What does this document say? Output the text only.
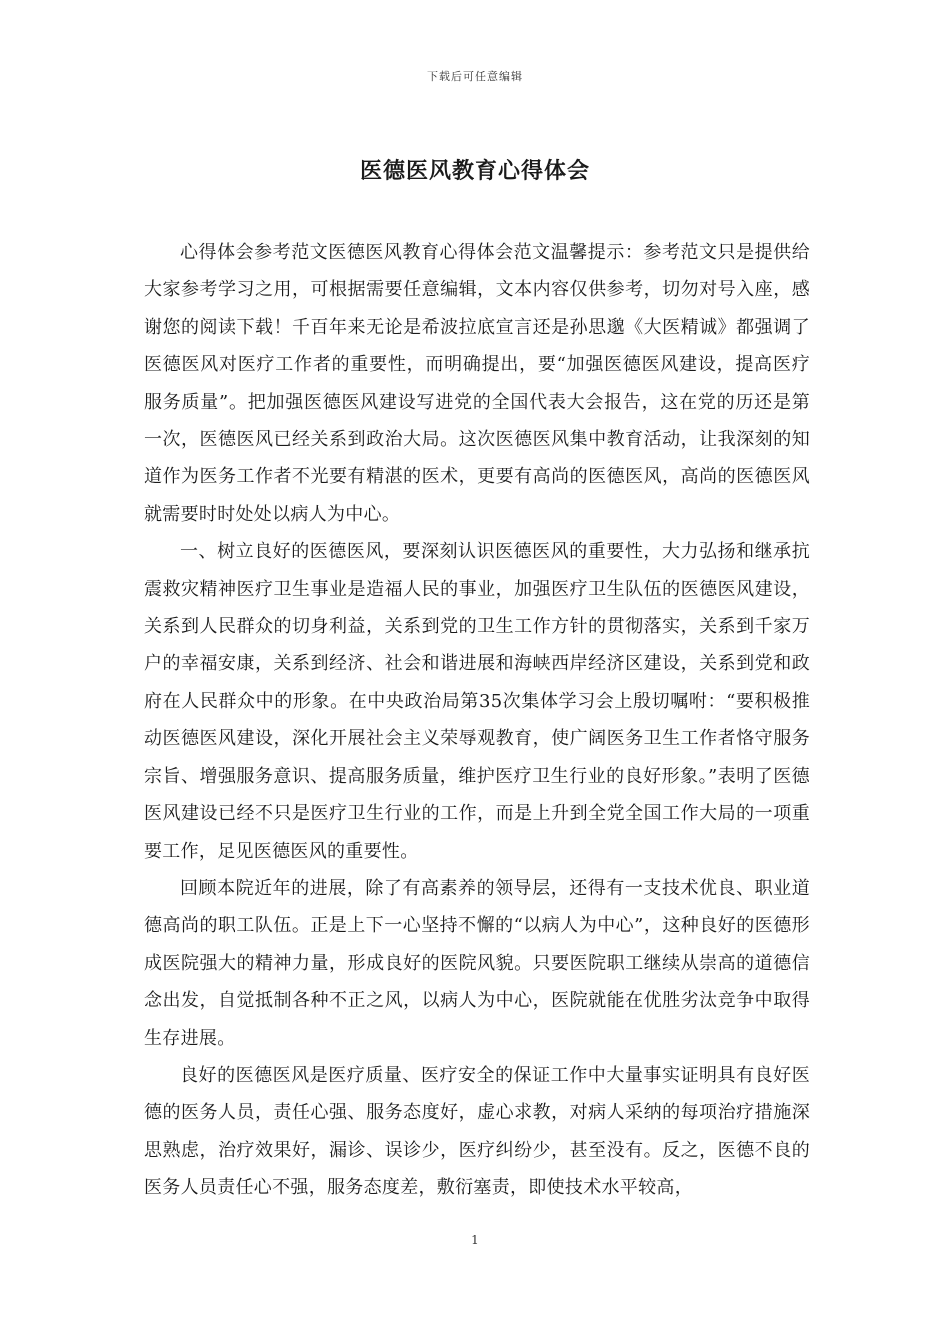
下载后可任意编辑
医德医风教育心得体会

心得体会参考范文医德医风教育心得体会范文温馨提示：参考范文只是提供给大家参考学习之用，可根据需要任意编辑，文本内容仅供参考，切勿对号入座，感谢您的阅读下载！千百年来无论是希波拉底宣言还是孙思邈《大医精诚》都强调了医德医风对医疗工作者的重要性，而明确提出，要“加强医德医风建设，提高医疗服务质量”。把加强医德医风建设写进党的全国代表大会报告，这在党的历还是第一次，医德医风已经关系到政治大局。这次医德医风集中教育活动，让我深刻的知道作为医务工作者不光要有精湛的医术，更要有高尚的医德医风，高尚的医德医风就需要时时处处以病人为中心。

一、树立良好的医德医风，要深刻认识医德医风的重要性，大力弘扬和继承抗震救灾精神医疗卫生事业是造福人民的事业，加强医疗卫生队伍的医德医风建设，关系到人民群众的切身利益，关系到党的卫生工作方针的贯彻落实，关系到千家万户的幸福安康，关系到经济、社会和谐进展和海峡西岸经济区建设，关系到党和政府在人民群众中的形象。在中央政治局第35次集体学习会上殷切嘱咐：“要积极推动医德医风建设，深化开展社会主义荣辱观教育，使广阔医务卫生工作者恪守服务宗旨、增强服务意识、提高服务质量，维护医疗卫生行业的良好形象。”表明了医德医风建设已经不只是医疗卫生行业的工作，而是上升到全党全国工作大局的一项重要工作，足见医德医风的重要性。

回顾本院近年的进展，除了有高素养的领导层，还得有一支技术优良、职业道德高尚的职工队伍。正是上下一心坚持不懈的“以病人为中心”，这种良好的医德形成医院强大的精神力量，形成良好的医院风貌。只要医院职工继续从崇高的道德信念出发，自觉抵制各种不正之风，以病人为中心，医院就能在优胜劣汰竞争中取得生存进展。

良好的医德医风是医疗质量、医疗安全的保证工作中大量事实证明具有良好医德的医务人员，责任心强、服务态度好，虚心求教，对病人采纳的每项治疗措施深思熟虑，治疗效果好，漏诊、误诊少，医疗纠纷少，甚至没有。反之，医德不良的医务人员责任心不强，服务态度差，敷衍塞责，即使技术水平较高，

1
